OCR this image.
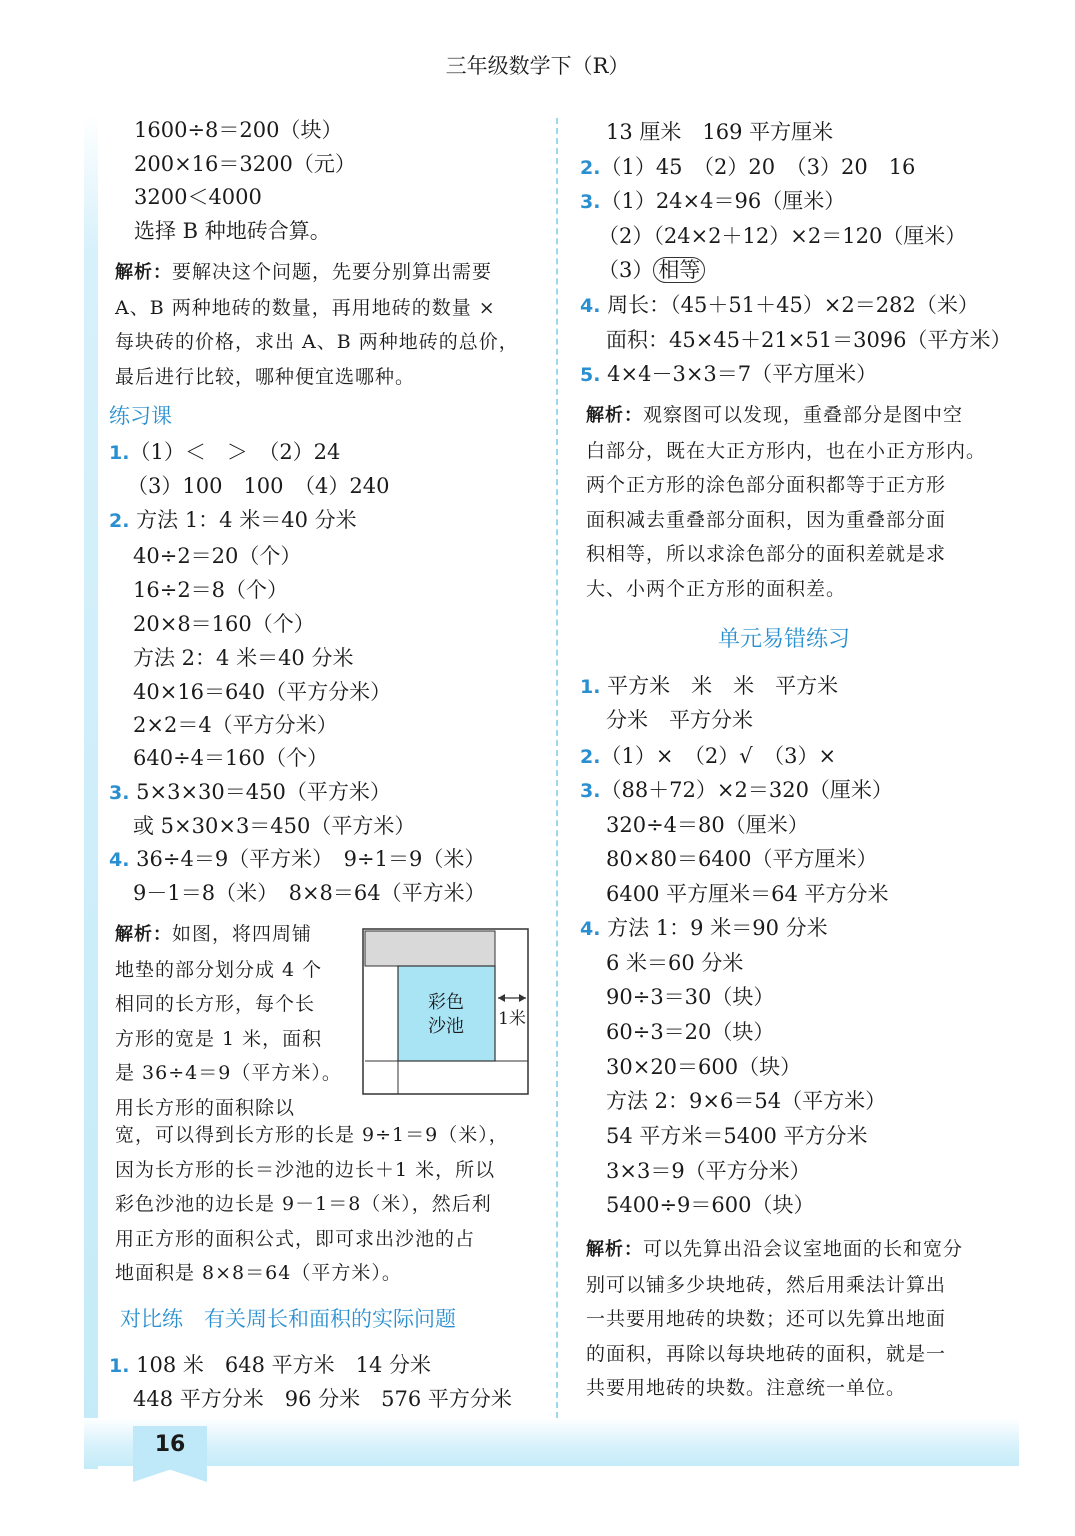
三年级数学下（R）
16
1600÷8＝200（块）
200×16＝3200（元）
3200＜4000
选择 B 种地砖合算。
解析：要解决这个问题，先要分别算出需要
A、B 两种地砖的数量，再用地砖的数量 ×
每块砖的价格，求出 A、B 两种地砖的总价，
最后进行比较，哪种便宜选哪种。
练习课
1.（1）＜　＞　（2）24
（3）100　100　（4）240
2. 方法 1：4 米＝40 分米
40÷2＝20（个）
16÷2＝8（个）
20×8＝160（个）
方法 2：4 米＝40 分米
40×16＝640（平方分米）
2×2＝4（平方分米）
640÷4＝160（个）
3. 5×3×30＝450（平方米）
或 5×30×3＝450（平方米）
4. 36÷4＝9（平方米）　9÷1＝9（米）
9－1＝8（米）　8×8＝64（平方米）
解析：如图，将四周铺
地垫的部分划分成 4 个
相同的长方形，每个长
方形的宽是 1 米，面积
是 36÷4＝9（平方米）。
用长方形的面积除以
彩色
沙池 1米
宽，可以得到长方形的长是 9÷1＝9（米），
因为长方形的长＝沙池的边长＋1 米，所以
彩色沙池的边长是 9－1＝8（米），然后利
用正方形的面积公式，即可求出沙池的占
地面积是 8×8＝64（平方米）。
对比练　有关周长和面积的实际问题
1. 108 米　648 平方米　14 分米
448 平方分米　96 分米　576 平方分米
13 厘米　169 平方厘米
2.（1）45　（2）20　（3）20　16
3.（1）24×4＝96（厘米）
（2）（24×2＋12）×2＝120（厘米）
（3） 相等
4. 周长：（45＋51＋45）×2＝282（米）
面积：45×45＋21×51＝3096（平方米）
5. 4×4－3×3＝7（平方厘米）
解析：观察图可以发现，重叠部分是图中空
白部分，既在大正方形内，也在小正方形内。
两个正方形的涂色部分面积都等于正方形
面积减去重叠部分面积，因为重叠部分面
积相等，所以求涂色部分的面积差就是求
大、小两个正方形的面积差。
单元易错练习
1. 平方米　米　米　平方米
分米　平方分米
2.（1）×　（2）√　（3）×
3.（88＋72）×2＝320（厘米）
320÷4＝80（厘米）
80×80＝6400（平方厘米）
6400 平方厘米＝64 平方分米
4. 方法 1：9 米＝90 分米
6 米＝60 分米
90÷3＝30（块）
60÷3＝20（块）
30×20＝600（块）
方法 2：9×6＝54（平方米）
54 平方米＝5400 平方分米
3×3＝9（平方分米）
5400÷9＝600（块）
解析：可以先算出沿会议室地面的长和宽分
别可以铺多少块地砖，然后用乘法计算出
一共要用地砖的块数；还可以先算出地面
的面积，再除以每块地砖的面积，就是一
共要用地砖的块数。注意统一单位。
